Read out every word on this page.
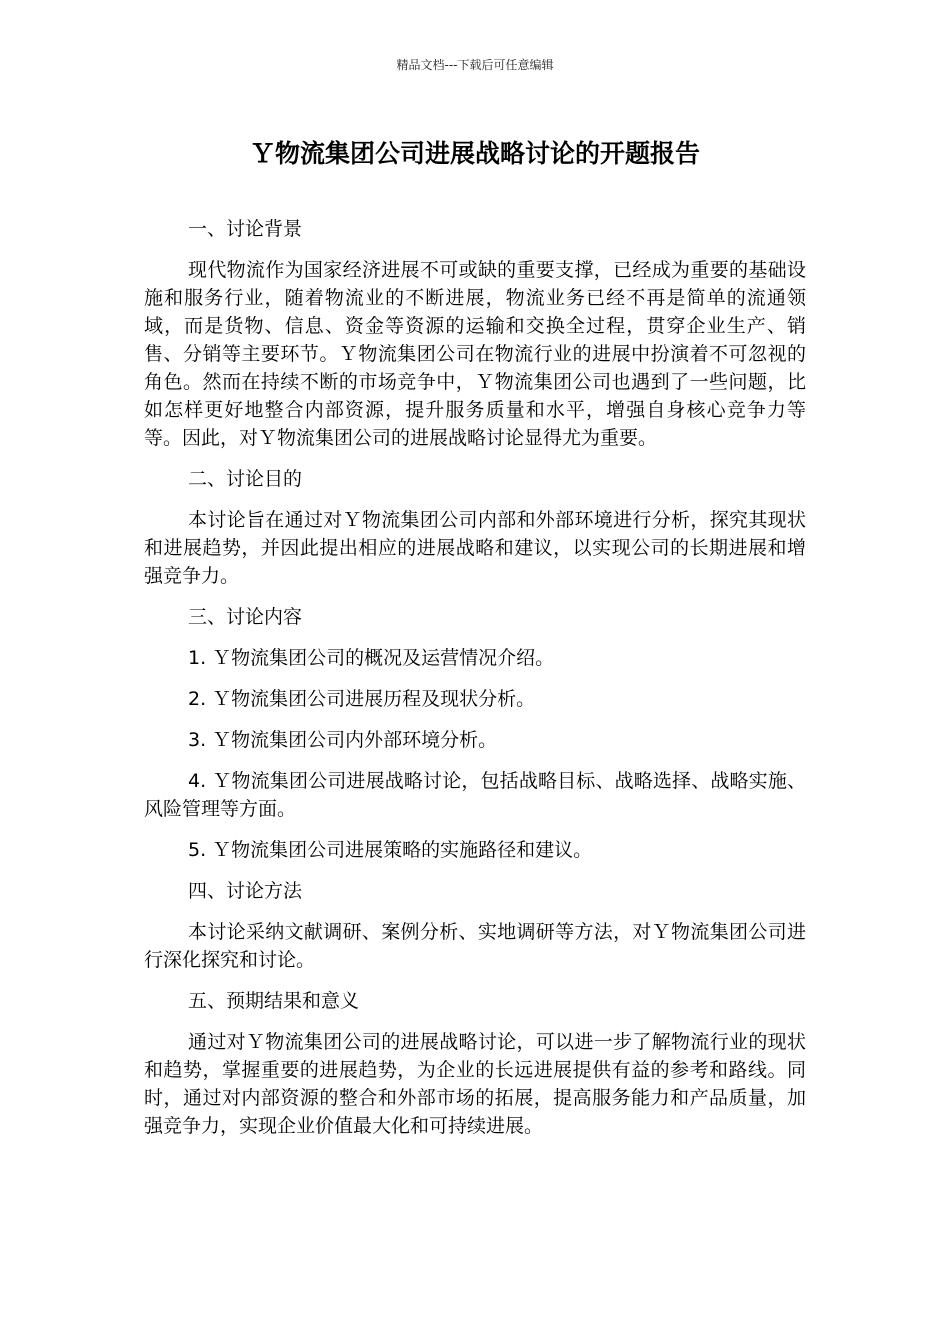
精品文档---下载后可任意编辑
Ｙ物流集团公司进展战略讨论的开题报告

一、讨论背景

现代物流作为国家经济进展不可或缺的重要支撑，已经成为重要的基础设施和服务行业，随着物流业的不断进展，物流业务已经不再是简单的流通领域，而是货物、信息、资金等资源的运输和交换全过程，贯穿企业生产、销售、分销等主要环节。Ｙ物流集团公司在物流行业的进展中扮演着不可忽视的角色。然而在持续不断的市场竞争中，Ｙ物流集团公司也遇到了一些问题，比如怎样更好地整合内部资源，提升服务质量和水平，增强自身核心竞争力等等。因此，对Ｙ物流集团公司的进展战略讨论显得尤为重要。

二、讨论目的

本讨论旨在通过对Ｙ物流集团公司内部和外部环境进行分析，探究其现状和进展趋势，并因此提出相应的进展战略和建议，以实现公司的长期进展和增强竞争力。

三、讨论内容

1. Ｙ物流集团公司的概况及运营情况介绍。

2. Ｙ物流集团公司进展历程及现状分析。

3. Ｙ物流集团公司内外部环境分析。

4. Ｙ物流集团公司进展战略讨论，包括战略目标、战略选择、战略实施、风险管理等方面。

5. Ｙ物流集团公司进展策略的实施路径和建议。

四、讨论方法

本讨论采纳文献调研、案例分析、实地调研等方法，对Ｙ物流集团公司进行深化探究和讨论。

五、预期结果和意义

通过对Ｙ物流集团公司的进展战略讨论，可以进一步了解物流行业的现状和趋势，掌握重要的进展趋势，为企业的长远进展提供有益的参考和路线。同时，通过对内部资源的整合和外部市场的拓展，提高服务能力和产品质量，加强竞争力，实现企业价值最大化和可持续进展。
